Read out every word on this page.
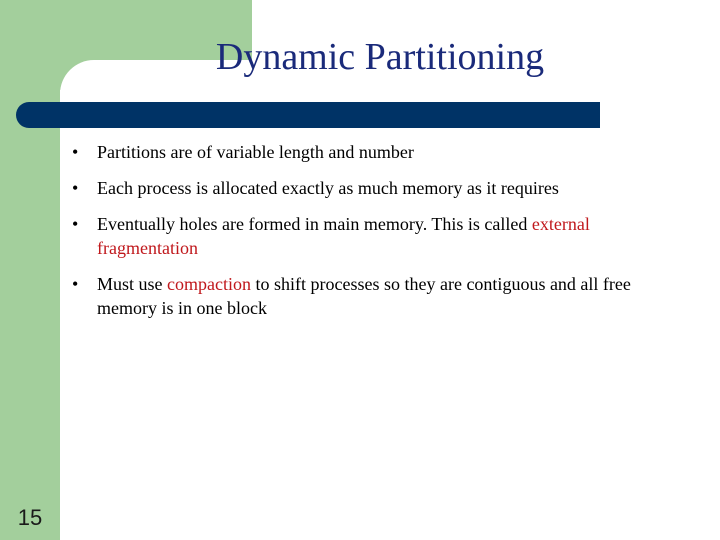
Dynamic Partitioning
• Partitions are of variable length and number
• Each process is allocated exactly as much memory as it requires
• Eventually holes are formed in main memory. This is called external fragmentation
• Must use compaction to shift processes so they are contiguous and all free memory is in one block
15
